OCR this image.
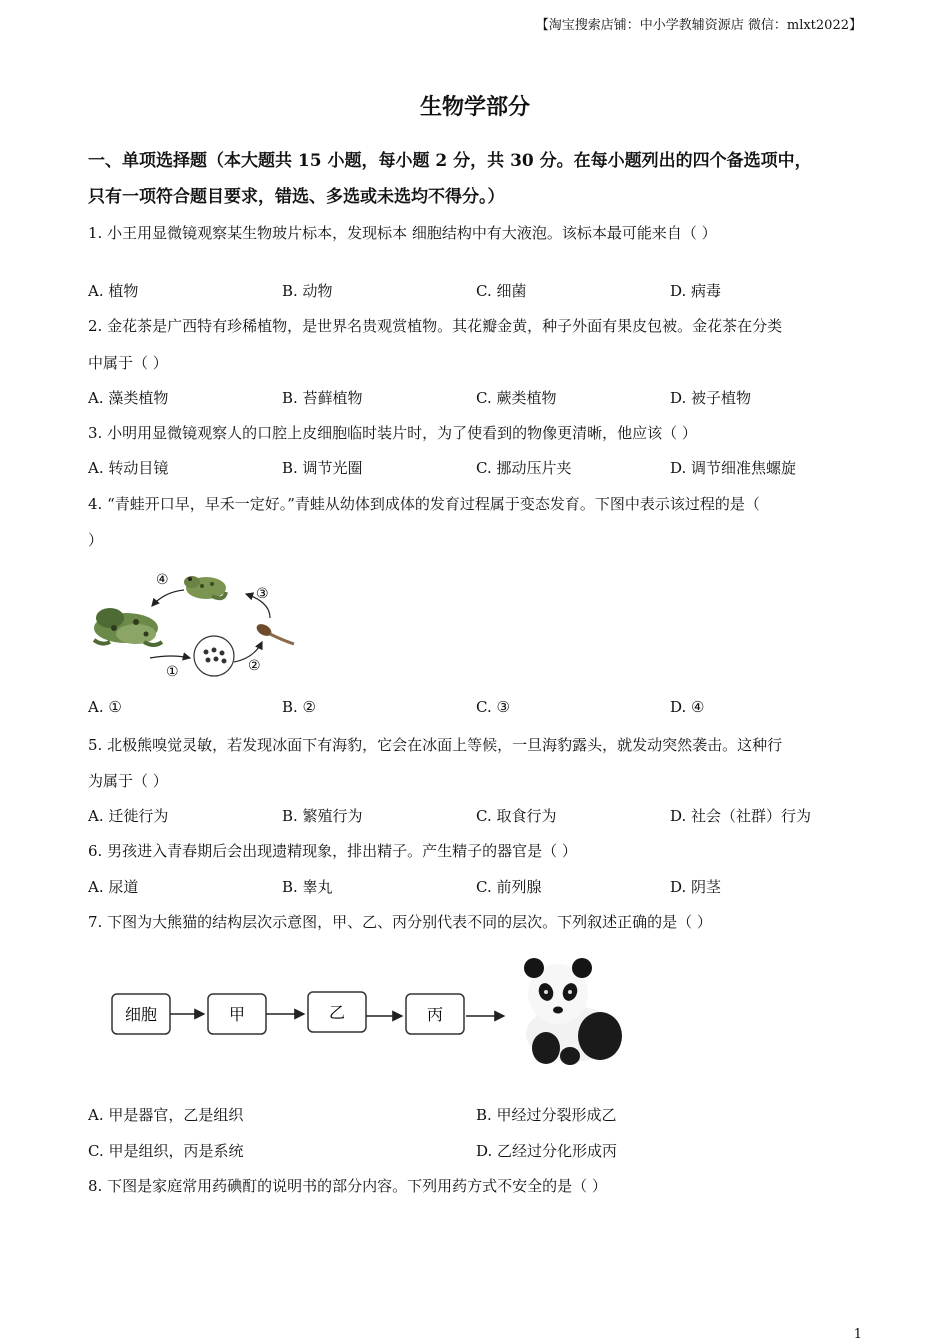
【淘宝搜索店铺：中小学教辅资源店 微信：mlxt2022】
生物学部分
一、单项选择题（本大题共 15 小题，每小题 2 分，共 30 分。在每小题列出的四个备选项中，
只有一项符合题目要求，错选、多选或未选均不得分。）
1. 小王用显微镜观察某生物玻片标本，发现标本 细胞结构中有大液泡。该标本最可能来自（ ）
A. 植物	B. 动物	C. 细菌	D. 病毒
2. 金花茶是广西特有珍稀植物，是世界名贵观赏植物。其花瓣金黄，种子外面有果皮包被。金花茶在分类
中属于（ ）
A. 藻类植物	B. 苔藓植物	C. 蕨类植物	D. 被子植物
3. 小明用显微镜观察人的口腔上皮细胞临时装片时，为了使看到的物像更清晰，他应该（ ）
A. 转动目镜	B. 调节光圈	C. 挪动压片夹	D. 调节细准焦螺旋
4. “青蛙开口早，早禾一定好。”青蛙从幼体到成体的发育过程属于变态发育。下图中表示该过程的是（
）
①	②
③
④
A. ①	B. ②	C. ③	D. ④
5. 北极熊嗅觉灵敏，若发现冰面下有海豹，它会在冰面上等候，一旦海豹露头，就发动突然袭击。这种行
为属于（ ）
A. 迁徙行为	B. 繁殖行为	C. 取食行为	D. 社会（社群）行为
6. 男孩进入青春期后会出现遗精现象，排出精子。产生精子的器官是（ ）
A. 尿道	B. 睾丸	C. 前列腺	D. 阴茎
7. 下图为大熊猫的结构层次示意图，甲、乙、丙分别代表不同的层次。下列叙述正确的是（ ）
细胞	甲	乙	丙
A. 甲是器官，乙是组织	B. 甲经过分裂形成乙
C. 甲是组织，丙是系统	D. 乙经过分化形成丙
8. 下图是家庭常用药碘酊的说明书的部分内容。下列用药方式不安全的是（ ）
1
